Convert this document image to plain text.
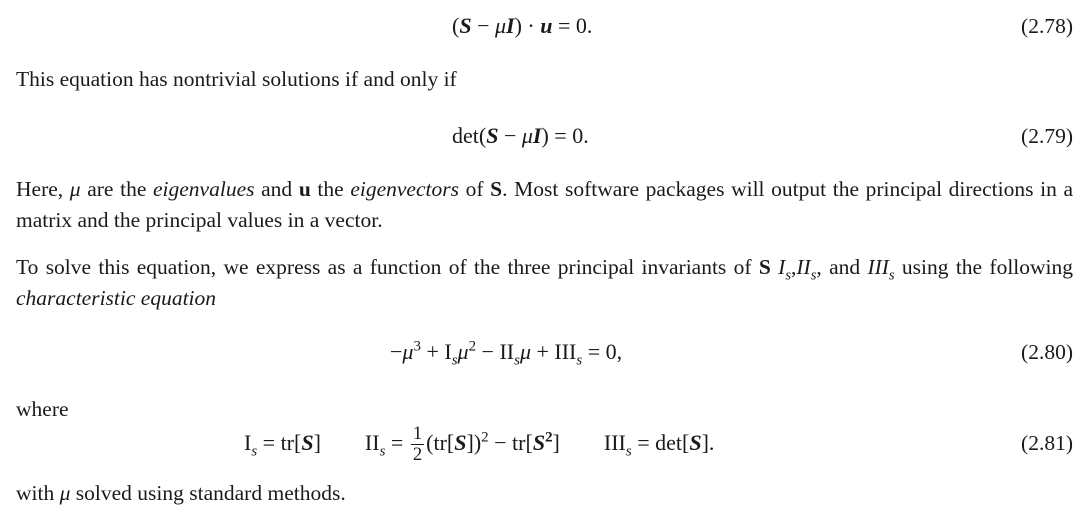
(S − μI) · u = 0.	(2.78)
This equation has nontrivial solutions if and only if
det(S − μI) = 0.	(2.79)
Here, μ are the eigenvalues and u the eigenvectors of S. Most software packages will output the principal directions in a matrix and the principal values in a vector.
To solve this equation, we express as a function of the three principal invariants of S $I_s,II_s$, and $III_s$ using the following characteristic equation
$-\mu^3 + I_s\mu^2 - II_s\mu + III_s = 0$,	(2.80)
where
$I_s = tr[S] II_s = \frac{1}{2} (tr[S])^2 - tr[S^2] III_s = \det[S]$.	(2.81)
with μ solved using standard methods.
